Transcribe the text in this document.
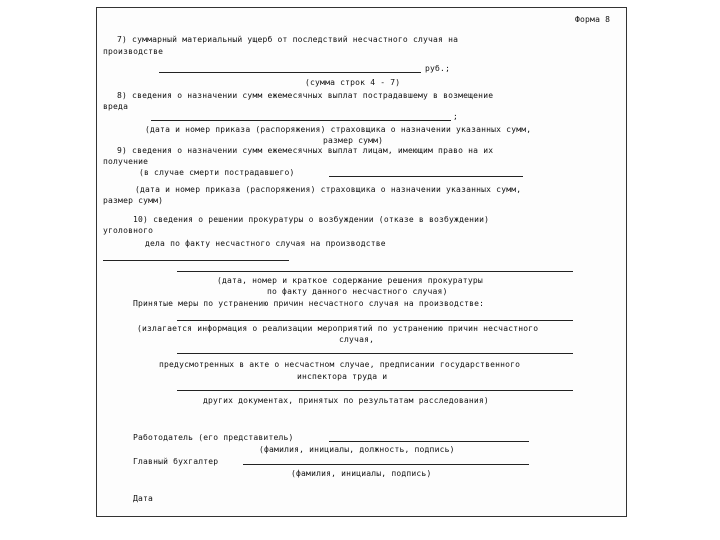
Форма 8
7) суммарный материальный ущерб от последствий несчастного случая на
производстве
руб.;
(сумма строк 4 - 7)
8) сведения о назначении сумм ежемесячных выплат пострадавшему в возмещение
вреда
;
(дата и номер приказа (распоряжения) страховщика о назначении указанных сумм,
размер сумм)
9) сведения о назначении сумм ежемесячных выплат лицам, имеющим право на их
получение
(в случае смерти пострадавшего)
(дата и номер приказа (распоряжения) страховщика о назначении указанных сумм,
размер сумм)
10) сведения о решении прокуратуры о возбуждении (отказе в возбуждении)
уголовного
дела по факту несчастного случая на производстве
(дата, номер и краткое содержание решения прокуратуры
по факту данного несчастного случая)
Принятые меры по устранению причин несчастного случая на производстве:
(излагается информация о реализации мероприятий по устранению причин несчастного
случая,
предусмотренных в акте о несчастном случае, предписании государственного
инспектора труда и
других документах, принятых по результатам расследования)
Работодатель (его представитель)
(фамилия, инициалы, должность, подпись)
Главный бухгалтер
(фамилия, инициалы, подпись)
Дата
